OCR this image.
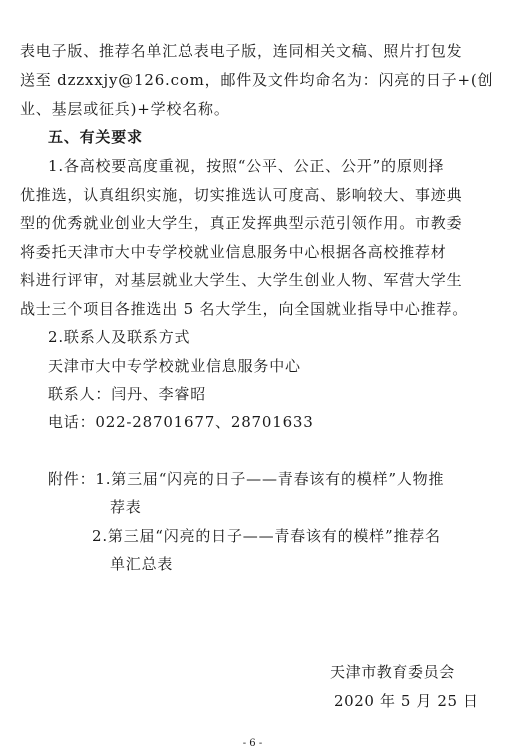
表电子版、推荐名单汇总表电子版，连同相关文稿、照片打包发
送至 dzzxxjy@126.com，邮件及文件均命名为：闪亮的日子+(创
业、基层或征兵)+学校名称。
五、有关要求
1.各高校要高度重视，按照“公平、公正、公开”的原则择
优推选，认真组织实施，切实推选认可度高、影响较大、事迹典
型的优秀就业创业大学生，真正发挥典型示范引领作用。市教委
将委托天津市大中专学校就业信息服务中心根据各高校推荐材
料进行评审，对基层就业大学生、大学生创业人物、军营大学生
战士三个项目各推选出 5 名大学生，向全国就业指导中心推荐。
2.联系人及联系方式
天津市大中专学校就业信息服务中心
联系人：闫丹、李睿昭
电话：022-28701677、28701633
附件：1.第三届“闪亮的日子——青春该有的模样”人物推
荐表
2.第三届“闪亮的日子——青春该有的模样”推荐名
单汇总表
天津市教育委员会
2020 年 5 月 25 日
- 6 -
